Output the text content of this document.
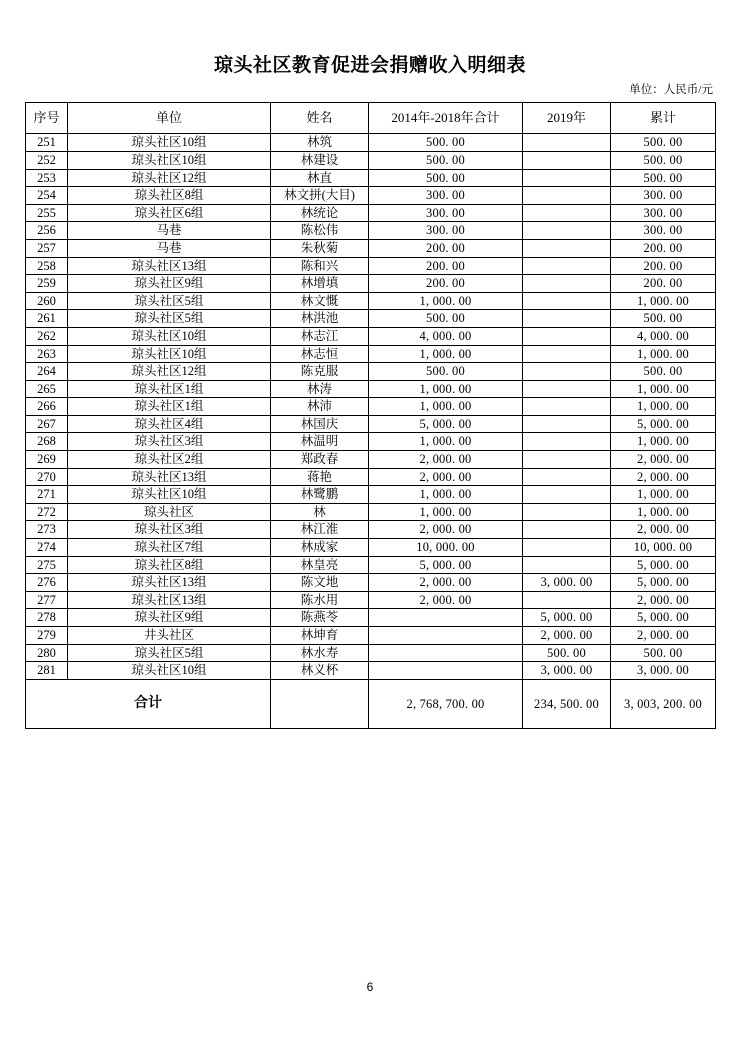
琼头社区教育促进会捐赠收入明细表
单位：人民币/元
序号	单位	姓名	2014年-2018年合计	2019年	累计
251	琼头社区10组	林筑	500. 00		500. 00
252	琼头社区10组	林建设	500. 00		500. 00
253	琼头社区12组	林直	500. 00		500. 00
254	琼头社区8组	林文拼(大目)	300. 00		300. 00
255	琼头社区6组	林统论	300. 00		300. 00
256	马巷	陈松伟	300. 00		300. 00
257	马巷	朱秋菊	200. 00		200. 00
258	琼头社区13组	陈和兴	200. 00		200. 00
259	琼头社区9组	林增填	200. 00		200. 00
260	琼头社区5组	林文慨	1, 000. 00		1, 000. 00
261	琼头社区5组	林洪池	500. 00		500. 00
262	琼头社区10组	林志江	4, 000. 00		4, 000. 00
263	琼头社区10组	林志恒	1, 000. 00		1, 000. 00
264	琼头社区12组	陈克服	500. 00		500. 00
265	琼头社区1组	林涛	1, 000. 00		1, 000. 00
266	琼头社区1组	林沛	1, 000. 00		1, 000. 00
267	琼头社区4组	林国庆	5, 000. 00		5, 000. 00
268	琼头社区3组	林温明	1, 000. 00		1, 000. 00
269	琼头社区2组	郑政春	2, 000. 00		2, 000. 00
270	琼头社区13组	蒋艳	2, 000. 00		2, 000. 00
271	琼头社区10组	林鹭鹏	1, 000. 00		1, 000. 00
272	琼头社区	林	1, 000. 00		1, 000. 00
273	琼头社区3组	林江淮	2, 000. 00		2, 000. 00
274	琼头社区7组	林成家	10, 000. 00		10, 000. 00
275	琼头社区8组	林皇亮	5, 000. 00		5, 000. 00
276	琼头社区13组	陈文地	2, 000. 00	3, 000. 00	5, 000. 00
277	琼头社区13组	陈水用	2, 000. 00		2, 000. 00
278	琼头社区9组	陈燕苓		5, 000. 00	5, 000. 00
279	井头社区	林坤育		2, 000. 00	2, 000. 00
280	琼头社区5组	林水寿		500. 00	500. 00
281	琼头社区10组	林义杯		3, 000. 00	3, 000. 00
合计			2, 768, 700. 00	234, 500. 00	3, 003, 200. 00
6
